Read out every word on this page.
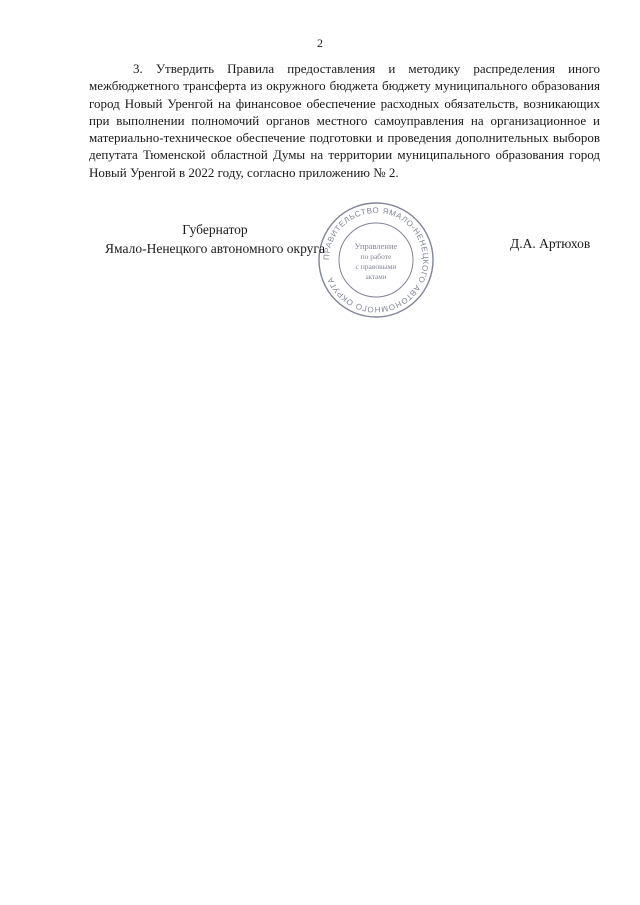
2

3. Утвердить Правила предоставления и методику распределения иного межбюджетного трансферта из окружного бюджета бюджету муниципального образования город Новый Уренгой на финансовое обеспечение расходных обязательств, возникающих при выполнении полномочий органов местного самоуправления на организационное и материально-техническое обеспечение подготовки и проведения дополнительных выборов депутата Тюменской областной Думы на территории муниципального образования город Новый Уренгой в 2022 году, согласно приложению № 2.

Губернатор
Ямало-Ненецкого автономного округа
ПРАВИТЕЛЬСТВО ЯМАЛО-НЕНЕЦКОГО АВТОНОМНОГО ОКРУГА
Управление
по работе
с правовыми
актами
Д.А. Артюхов
